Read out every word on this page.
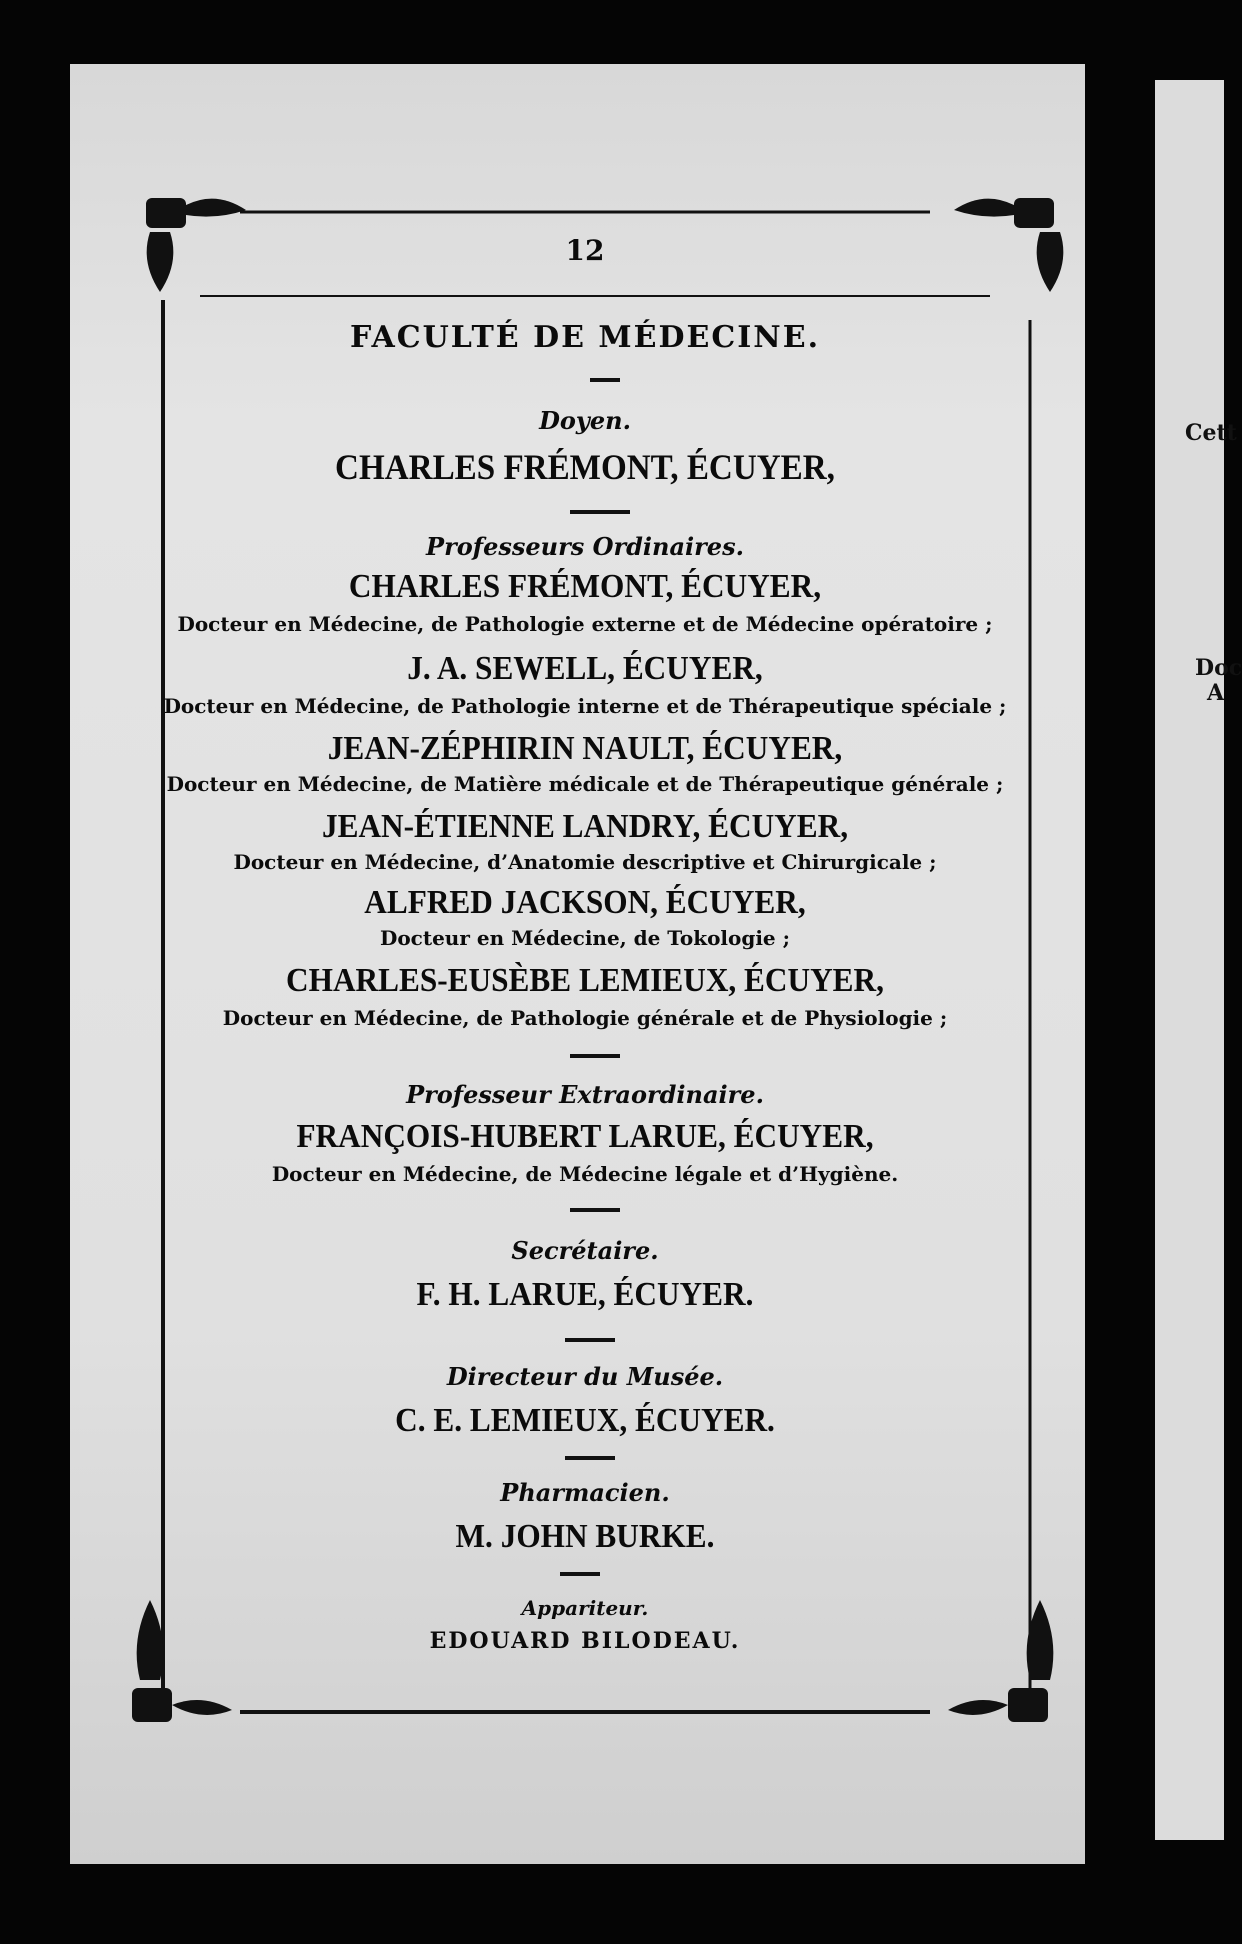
Cett
Doc
A
12
FACULTÉ DE MÉDECINE.
Doyen.
CHARLES FRÉMONT, ÉCUYER,
Professeurs Ordinaires.
CHARLES FRÉMONT, ÉCUYER,
Docteur en Médecine, de Pathologie externe et de Médecine opératoire ;
J. A. SEWELL, ÉCUYER,
Docteur en Médecine, de Pathologie interne et de Thérapeutique spéciale ;
JEAN-ZÉPHIRIN NAULT, ÉCUYER,
Docteur en Médecine, de Matière médicale et de Thérapeutique générale ;
JEAN-ÉTIENNE LANDRY, ÉCUYER,
Docteur en Médecine, d’Anatomie descriptive et Chirurgicale ;
ALFRED JACKSON, ÉCUYER,
Docteur en Médecine, de Tokologie ;
CHARLES-EUSÈBE LEMIEUX, ÉCUYER,
Docteur en Médecine, de Pathologie générale et de Physiologie ;
Professeur Extraordinaire.
FRANÇOIS-HUBERT LARUE, ÉCUYER,
Docteur en Médecine, de Médecine légale et d’Hygiène.
Secrétaire.
F. H. LARUE, ÉCUYER.
Directeur du Musée.
C. E. LEMIEUX, ÉCUYER.
Pharmacien.
M. JOHN BURKE.
Appariteur.
EDOUARD BILODEAU.
